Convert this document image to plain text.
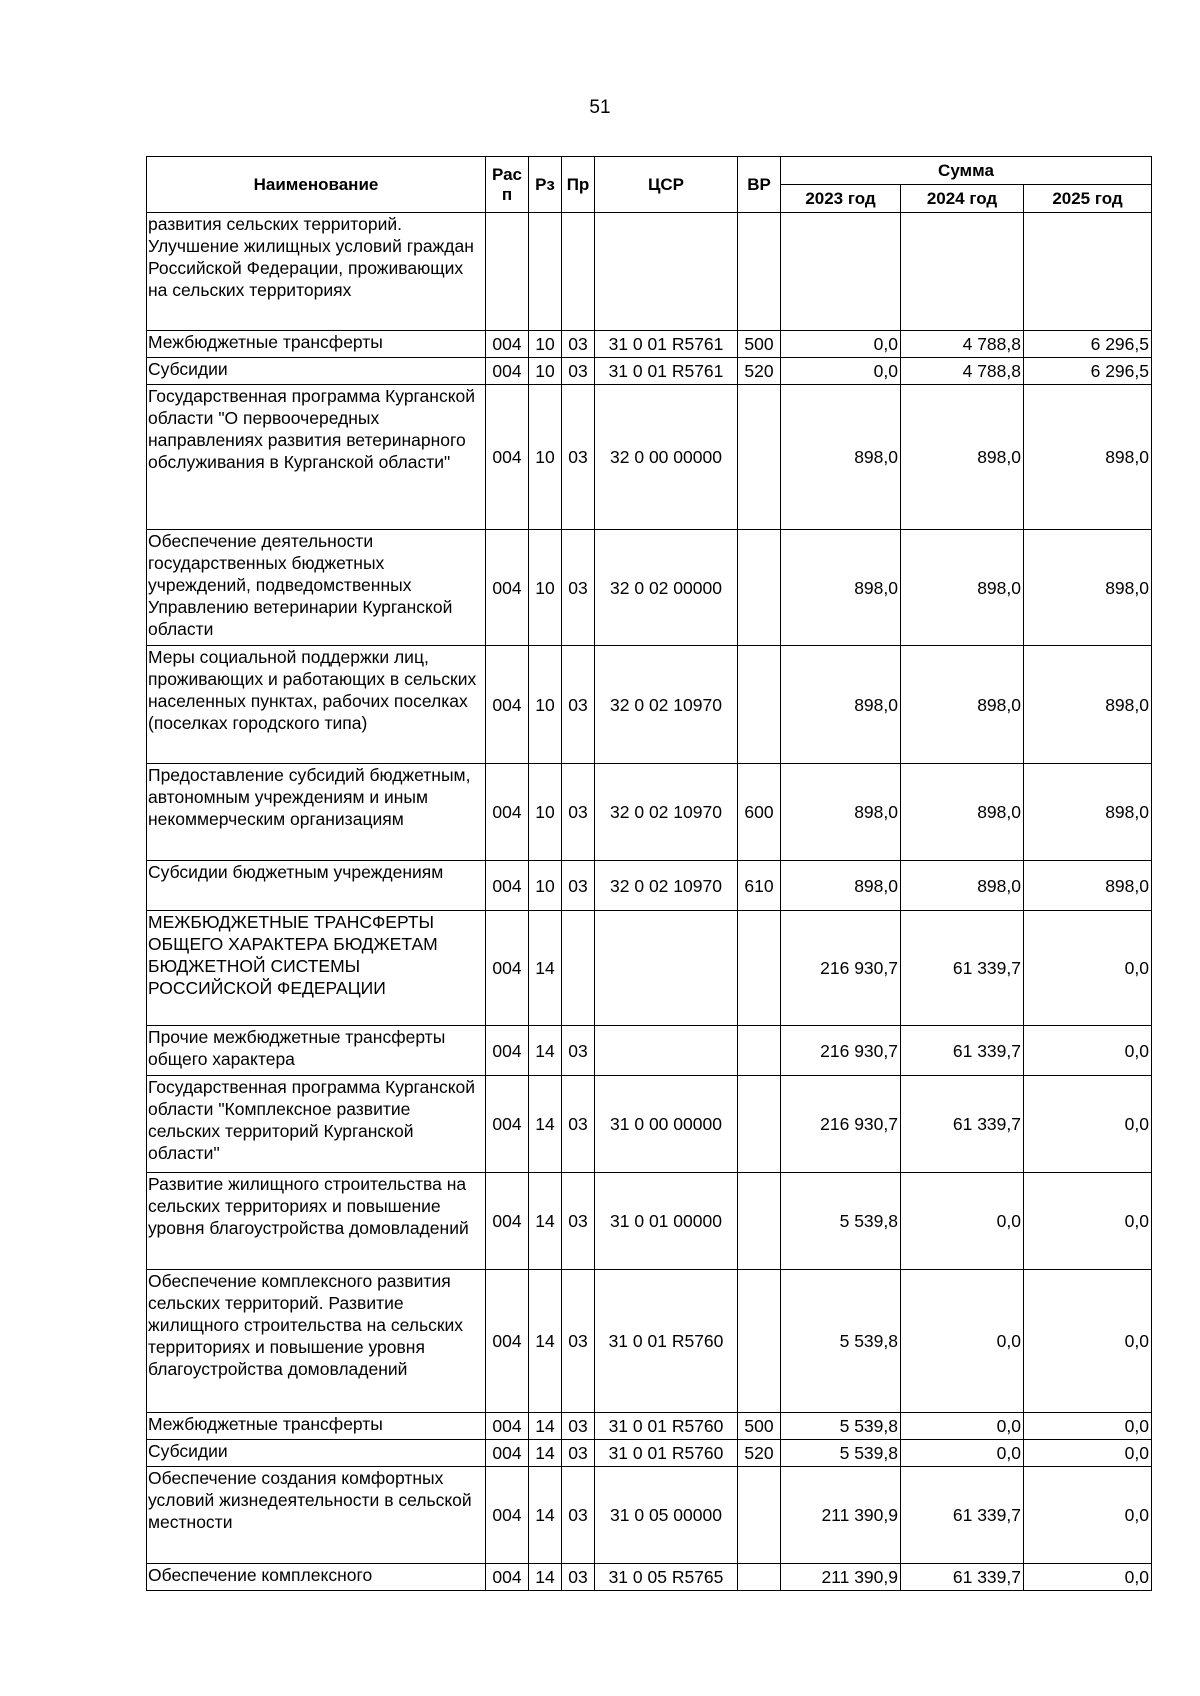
51
Наименование	Рас п	Рз	Пр	ЦСР	ВР	Сумма		
						2023 год	2024 год	2025 год
развития сельских территорий. Улучшение жилищных условий граждан Российской Федерации, проживающих на сельских территориях								
Межбюджетные трансферты	004	10	03	31 0 01 R5761	500	0,0	4 788,8	6 296,5
Субсидии	004	10	03	31 0 01 R5761	520	0,0	4 788,8	6 296,5
Государственная программа Курганской области "О первоочередных направлениях развития ветеринарного обслуживания в Курганской области"	004	10	03	32 0 00 00000		898,0	898,0	898,0
Обеспечение деятельности государственных бюджетных учреждений, подведомственных Управлению ветеринарии Курганской области	004	10	03	32 0 02 00000		898,0	898,0	898,0
Меры социальной поддержки лиц, проживающих и работающих в сельских населенных пунктах, рабочих поселках (поселках городского типа)	004	10	03	32 0 02 10970		898,0	898,0	898,0
Предоставление субсидий бюджетным, автономным учреждениям и иным некоммерческим организациям	004	10	03	32 0 02 10970	600	898,0	898,0	898,0
Субсидии бюджетным учреждениям	004	10	03	32 0 02 10970	610	898,0	898,0	898,0
МЕЖБЮДЖЕТНЫЕ ТРАНСФЕРТЫ ОБЩЕГО ХАРАКТЕРА БЮДЖЕТАМ БЮДЖЕТНОЙ СИСТЕМЫ РОССИЙСКОЙ ФЕДЕРАЦИИ	004	14				216 930,7	61 339,7	0,0
Прочие межбюджетные трансферты общего характера	004	14	03			216 930,7	61 339,7	0,0
Государственная программа Курганской области "Комплексное развитие сельских территорий Курганской области"	004	14	03	31 0 00 00000		216 930,7	61 339,7	0,0
Развитие жилищного строительства на сельских территориях и повышение уровня благоустройства домовладений	004	14	03	31 0 01 00000		5 539,8	0,0	0,0
Обеспечение комплексного развития сельских территорий. Развитие жилищного строительства на сельских территориях и повышение уровня благоустройства домовладений	004	14	03	31 0 01 R5760		5 539,8	0,0	0,0
Межбюджетные трансферты	004	14	03	31 0 01 R5760	500	5 539,8	0,0	0,0
Субсидии	004	14	03	31 0 01 R5760	520	5 539,8	0,0	0,0
Обеспечение создания комфортных условий жизнедеятельности в сельской местности	004	14	03	31 0 05 00000		211 390,9	61 339,7	0,0
Обеспечение комплексного	004	14	03	31 0 05 R5765		211 390,9	61 339,7	0,0
